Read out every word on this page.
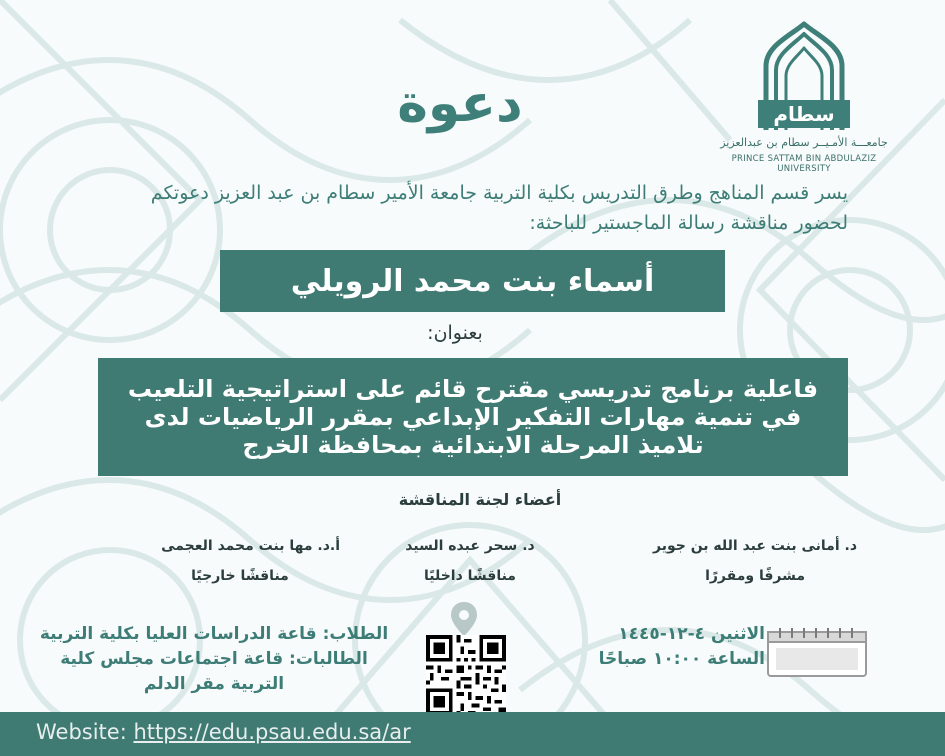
سطام
جامعـــة الأمـيــر سطام بن عبدالعزيز
PRINCE SATTAM BIN ABDULAZIZ UNIVERSITY
دعوة
يسر قسم المناهج وطرق التدريس بكلية التربية جامعة الأمير سطام بن عبد العزيز دعوتكم لحضور مناقشة رسالة الماجستير للباحثة:
أسماء بنت محمد الرويلي
بعنوان:
فاعلية برنامج تدريسي مقترح قائم على استراتيجية التلعيب في تنمية مهارات التفكير الإبداعي بمقرر الرياضيات لدى تلاميذ المرحلة الابتدائية بمحافظة الخرج
أعضاء لجنة المناقشة
د. أمانى بنت عبد الله بن جوير
مشرفًا ومقررًا
د. سحر عبده السيد
مناقشًا داخليًا
أ.د. مها بنت محمد العجمى
مناقشًا خارجيًا
الطلاب: قاعة الدراسات العليا بكلية التربية
الطالبات: قاعة اجتماعات مجلس كلية
التربية مقر الدلم
الاثنين ٤-١٢-١٤٤٥
الساعة ١٠:٠٠ صباحًا
Website: https://edu.psau.edu.sa/ar
